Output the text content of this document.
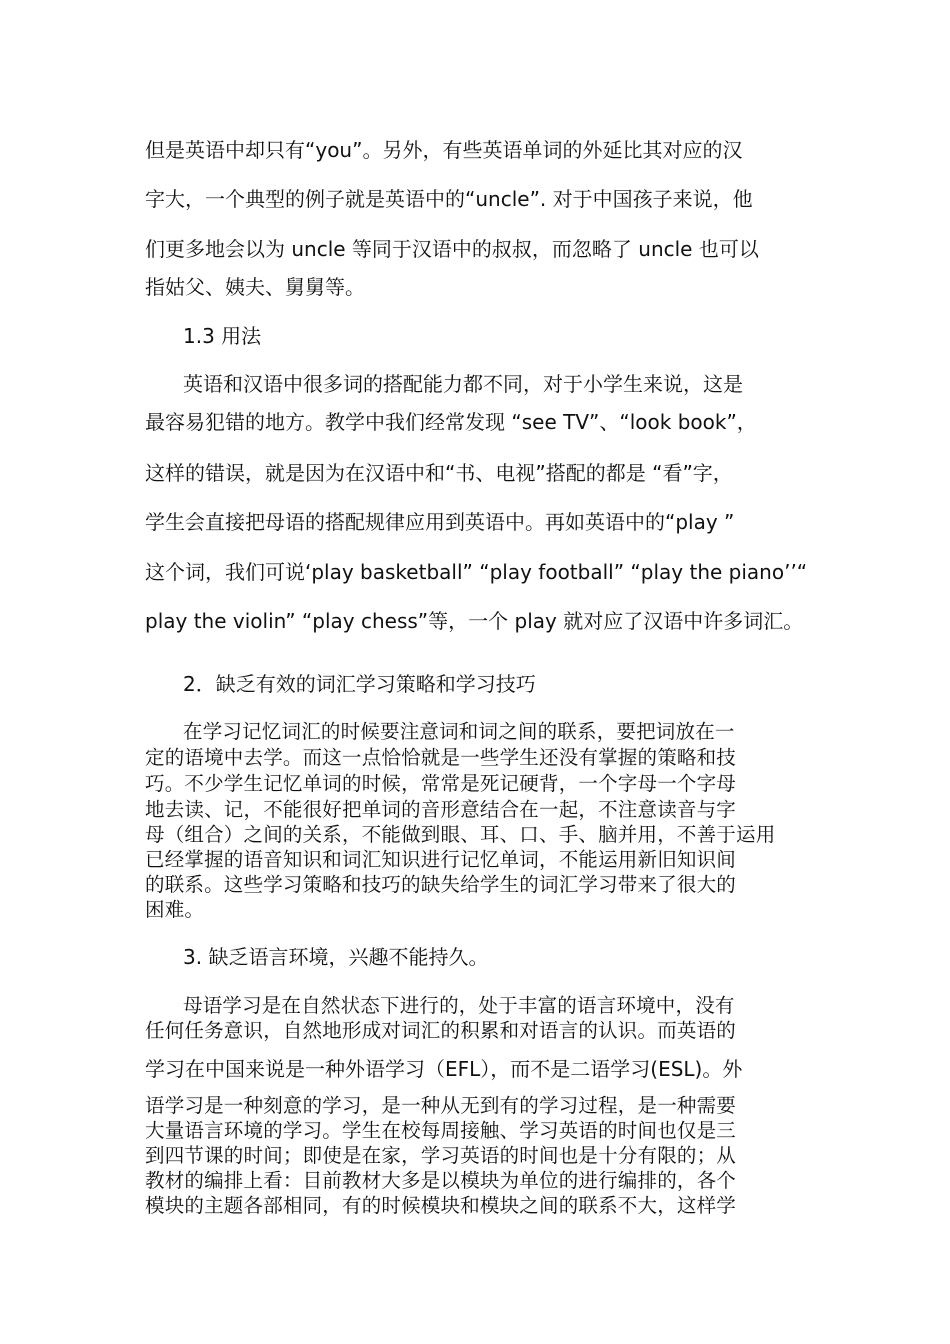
但是英语中却只有“you”。另外，有些英语单词的外延比其对应的汉
字大，一个典型的例子就是英语中的“uncle”. 对于中国孩子来说，他
们更多地会以为 uncle 等同于汉语中的叔叔，而忽略了 uncle 也可以
指姑父、姨夫、舅舅等。
1.3 用法
英语和汉语中很多词的搭配能力都不同，对于小学生来说，这是
最容易犯错的地方。教学中我们经常发现 “see TV”、“look book”，
这样的错误，就是因为在汉语中和“书、电视”搭配的都是 “看”字，
学生会直接把母语的搭配规律应用到英语中。再如英语中的“play ”
这个词，我们可说‘play basketball” “play football” “play the piano’’“
play the violin” “play chess”等，一个 play 就对应了汉语中许多词汇。
2．缺乏有效的词汇学习策略和学习技巧
在学习记忆词汇的时候要注意词和词之间的联系，要把词放在一
定的语境中去学。而这一点恰恰就是一些学生还没有掌握的策略和技
巧。不少学生记忆单词的时候，常常是死记硬背，一个字母一个字母
地去读、记，不能很好把单词的音形意结合在一起，不注意读音与字
母（组合）之间的关系，不能做到眼、耳、口、手、脑并用，不善于运用
已经掌握的语音知识和词汇知识进行记忆单词，不能运用新旧知识间
的联系。这些学习策略和技巧的缺失给学生的词汇学习带来了很大的
困难。
3. 缺乏语言环境，兴趣不能持久。
母语学习是在自然状态下进行的，处于丰富的语言环境中，没有
任何任务意识，自然地形成对词汇的积累和对语言的认识。而英语的
学习在中国来说是一种外语学习（EFL），而不是二语学习(ESL)。外
语学习是一种刻意的学习，是一种从无到有的学习过程，是一种需要
大量语言环境的学习。学生在校每周接触、学习英语的时间也仅是三
到四节课的时间；即使是在家，学习英语的时间也是十分有限的；从
教材的编排上看：目前教材大多是以模块为单位的进行编排的，各个
模块的主题各部相同，有的时候模块和模块之间的联系不大，这样学
